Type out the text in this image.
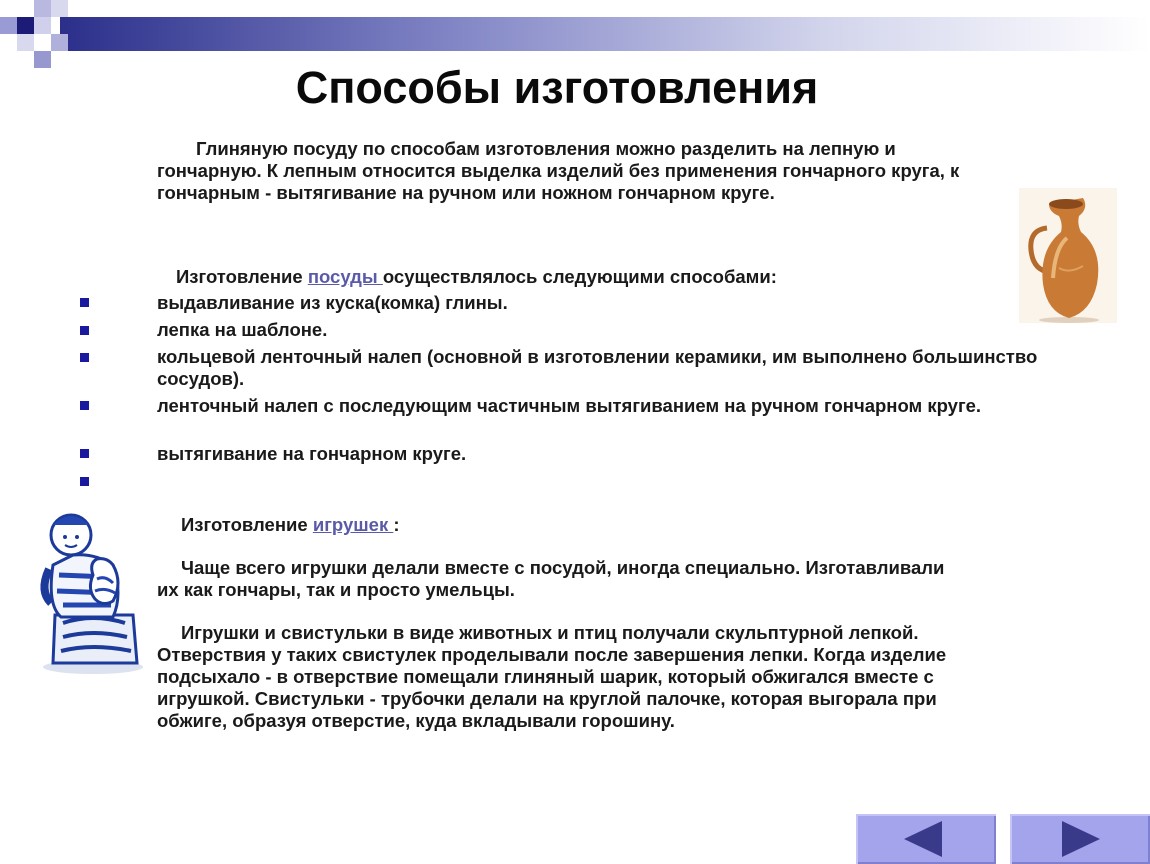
Способы изготовления

Глиняную посуду по способам изготовления можно разделить на лепную и

гончарную. К лепным относится выделка изделий без применения гончарного круга, к

гончарным - вытягивание на ручном или ножном гончарном круге.

Изготовление посуды осуществлялось следующими способами:

выдавливание из куска(комка) глины.
лепка на шаблоне.
кольцевой ленточный налеп (основной в изготовлении керамики, им выполнено большинство сосудов).
ленточный налеп с последующим частичным вытягиванием на ручном гончарном круге.
вытягивание на гончарном круге.

Изготовление игрушек :

Чаще всего игрушки делали вместе с посудой, иногда специально. Изготавливали

их как гончары, так и просто умельцы.

Игрушки и свистульки в виде животных и птиц получали скульптурной лепкой.

Отверствия у таких свистулек проделывали после завершения лепки. Когда изделие

подсыхало - в отверствие помещали глиняный шарик, который обжигался вместе с

игрушкой. Свистульки - трубочки делали на круглой палочке, которая выгорала при

обжиге, образуя отверстие, куда вкладывали горошину.
